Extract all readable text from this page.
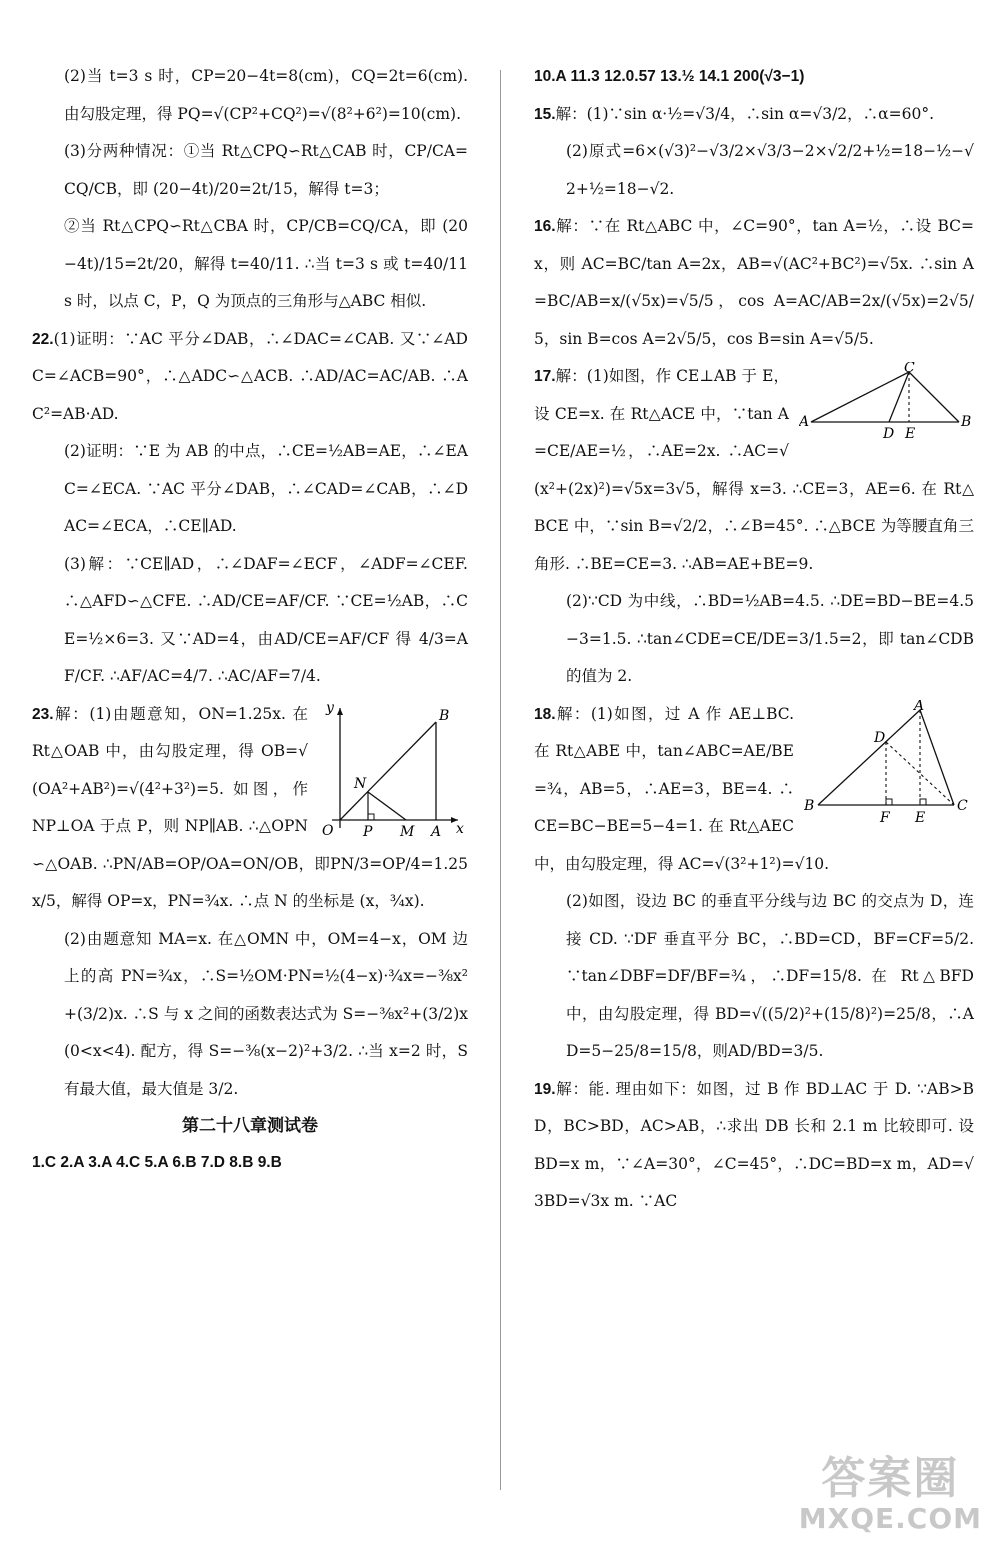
(2)当 t=3 s 时，CP=20−4t=8(cm)，CQ=2t=6(cm). 由勾股定理，得 PQ=√(CP²+CQ²)=√(8²+6²)=10(cm).

(3)分两种情况：①当 Rt△CPQ∽Rt△CAB 时，CP/CA=CQ/CB，即 (20−4t)/20=2t/15，解得 t=3；

②当 Rt△CPQ∽Rt△CBA 时，CP/CB=CQ/CA，即 (20−4t)/15=2t/20，解得 t=40/11. ∴当 t=3 s 或 t=40/11 s 时，以点 C，P，Q 为顶点的三角形与△ABC 相似.

22.(1)证明：∵AC 平分∠DAB，∴∠DAC=∠CAB. 又∵∠ADC=∠ACB=90°，∴△ADC∽△ACB. ∴AD/AC=AC/AB. ∴AC²=AB·AD.

(2)证明：∵E 为 AB 的中点，∴CE=½AB=AE，∴∠EAC=∠ECA. ∵AC 平分∠DAB，∴∠CAD=∠CAB，∴∠DAC=∠ECA，∴CE∥AD.

(3)解：∵CE∥AD，∴∠DAF=∠ECF，∠ADF=∠CEF. ∴△AFD∽△CFE. ∴AD/CE=AF/CF. ∵CE=½AB，∴CE=½×6=3. 又∵AD=4，由AD/CE=AF/CF 得 4/3=AF/CF. ∴AF/AC=4/7. ∴AC/AF=7/4.

O P M A
B
N
x
y

23.解：(1)由题意知，ON=1.25x. 在 Rt△OAB 中，由勾股定理，得 OB=√(OA²+AB²)=√(4²+3²)=5. 如图，作 NP⊥OA 于点 P，则 NP∥AB. ∴△OPN∽△OAB. ∴PN/AB=OP/OA=ON/OB，即PN/3=OP/4=1.25x/5，解得 OP=x，PN=¾x. ∴点 N 的坐标是 (x，¾x).

(2)由题意知 MA=x. 在△OMN 中，OM=4−x，OM 边上的高 PN=¾x，∴S=½OM·PN=½(4−x)·¾x=−⅜x²+(3/2)x. ∴S 与 x 之间的函数表达式为 S=−⅜x²+(3/2)x(0<x<4). 配方，得 S=−⅜(x−2)²+3/2. ∴当 x=2 时，S 有最大值，最大值是 3/2.

第二十八章测试卷

1.C 2.A 3.A 4.C 5.A 6.B 7.D 8.B 9.B

10.A 11.3 12.0.57 13.½ 14.1 200(√3−1)

15.解：(1)∵sin α·½=√3/4，∴sin α=√3/2，∴α=60°.

(2)原式=6×(√3)²−√3/2×√3/3−2×√2/2+½=18−½−√2+½=18−√2.

16.解：∵在 Rt△ABC 中，∠C=90°，tan A=½，∴设 BC=x，则 AC=BC/tan A=2x，AB=√(AC²+BC²)=√5x. ∴sin A=BC/AB=x/(√5x)=√5/5，cos A=AC/AB=2x/(√5x)=2√5/5，sin B=cos A=2√5/5，cos B=sin A=√5/5.

A	B
C
D E

17.解：(1)如图，作 CE⊥AB 于 E，设 CE=x. 在 Rt△ACE 中，∵tan A=CE/AE=½，∴AE=2x. ∴AC=√(x²+(2x)²)=√5x=3√5，解得 x=3. ∴CE=3，AE=6. 在 Rt△BCE 中，∵sin B=√2/2，∴∠B=45°. ∴△BCE 为等腰直角三角形. ∴BE=CE=3. ∴AB=AE+BE=9.

(2)∵CD 为中线，∴BD=½AB=4.5. ∴DE=BD−BE=4.5−3=1.5. ∴tan∠CDE=CE/DE=3/1.5=2，即 tan∠CDB 的值为 2.

B	C
A
D
F E

18.解：(1)如图，过 A 作 AE⊥BC. 在 Rt△ABE 中，tan∠ABC=AE/BE=¾，AB=5，∴AE=3，BE=4. ∴CE=BC−BE=5−4=1. 在 Rt△AEC 中，由勾股定理，得 AC=√(3²+1²)=√10.

(2)如图，设边 BC 的垂直平分线与边 BC 的交点为 D，连接 CD. ∵DF 垂直平分 BC，∴BD=CD，BF=CF=5/2. ∵tan∠DBF=DF/BF=¾，∴DF=15/8. 在 Rt△BFD 中，由勾股定理，得 BD=√((5/2)²+(15/8)²)=25/8，∴AD=5−25/8=15/8，则AD/BD=3/5.

19.解：能. 理由如下：如图，过 B 作 BD⊥AC 于 D. ∵AB>BD，BC>BD，AC>AB，∴求出 DB 长和 2.1 m 比较即可. 设 BD=x m，∵∠A=30°，∠C=45°，∴DC=BD=x m，AD=√3BD=√3x m. ∵AC

答案圈
MXQE.COM
